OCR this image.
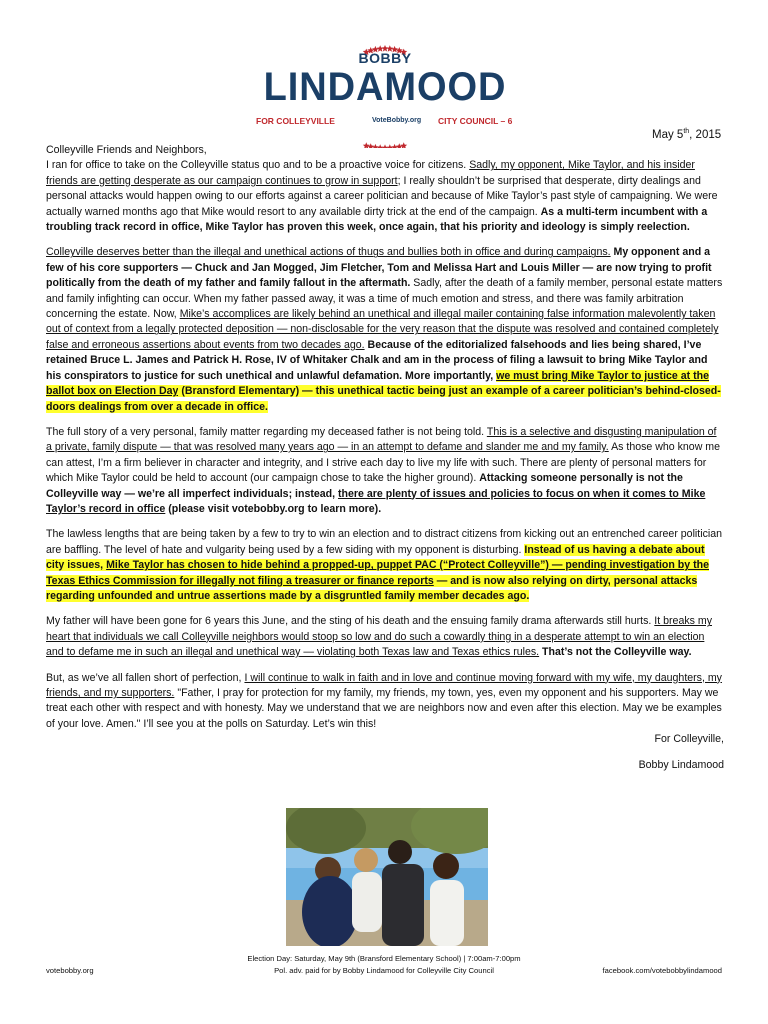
BOBBY
LINDAMOOD
FOR COLLEYVILLE	VoteBobby.org CITY COUNCIL – 6
May 5th, 2015

Colleyville Friends and Neighbors,

I ran for office to take on the Colleyville status quo and to be a proactive voice for citizens. Sadly, my opponent, Mike Taylor, and his insider friends are getting desperate as our campaign continues to grow in support; I really shouldn’t be surprised that desperate, dirty dealings and personal attacks would happen owing to our efforts against a career politician and because of Mike Taylor’s past style of campaigning. We were actually warned months ago that Mike would resort to any available dirty trick at the end of the campaign. As a multi-term incumbent with a troubling track record in office, Mike Taylor has proven this week, once again, that his priority and ideology is simply reelection.

Colleyville deserves better than the illegal and unethical actions of thugs and bullies both in office and during campaigns. My opponent and a few of his core supporters — Chuck and Jan Mogged, Jim Fletcher, Tom and Melissa Hart and Louis Miller — are now trying to profit politically from the death of my father and family fallout in the aftermath. Sadly, after the death of a family member, personal estate matters and family infighting can occur. When my father passed away, it was a time of much emotion and stress, and there was family arbitration concerning the estate. Now, Mike’s accomplices are likely behind an unethical and illegal mailer containing false information malevolently taken out of context from a legally protected deposition — non-disclosable for the very reason that the dispute was resolved and contained completely false and erroneous assertions about events from two decades ago. Because of the editorialized falsehoods and lies being shared, I’ve retained Bruce L. James and Patrick H. Rose, IV of Whitaker Chalk and am in the process of filing a lawsuit to bring Mike Taylor and his conspirators to justice for such unethical and unlawful defamation. More importantly, we must bring Mike Taylor to justice at the ballot box on Election Day (Bransford Elementary) — this unethical tactic being just an example of a career politician’s behind-closed-doors dealings from over a decade in office.

The full story of a very personal, family matter regarding my deceased father is not being told. This is a selective and disgusting manipulation of a private, family dispute — that was resolved many years ago — in an attempt to defame and slander me and my family. As those who know me can attest, I’m a firm believer in character and integrity, and I strive each day to live my life with such. There are plenty of personal matters for which Mike Taylor could be held to account (our campaign chose to take the higher ground). Attacking someone personally is not the Colleyville way — we’re all imperfect individuals; instead, there are plenty of issues and policies to focus on when it comes to Mike Taylor’s record in office (please visit votebobby.org to learn more).

The lawless lengths that are being taken by a few to try to win an election and to distract citizens from kicking out an entrenched career politician are baffling. The level of hate and vulgarity being used by a few siding with my opponent is disturbing. Instead of us having a debate about city issues, Mike Taylor has chosen to hide behind a propped-up, puppet PAC (“Protect Colleyville”) — pending investigation by the Texas Ethics Commission for illegally not filing a treasurer or finance reports — and is now also relying on dirty, personal attacks regarding unfounded and untrue assertions made by a disgruntled family member decades ago.

My father will have been gone for 6 years this June, and the sting of his death and the ensuing family drama afterwards still hurts. It breaks my heart that individuals we call Colleyville neighbors would stoop so low and do such a cowardly thing in a desperate attempt to win an election and to defame me in such an illegal and unethical way — violating both Texas law and Texas ethics rules. That’s not the Colleyville way.

But, as we’ve all fallen short of perfection, I will continue to walk in faith and in love and continue moving forward with my wife, my daughters, my friends, and my supporters. "Father, I pray for protection for my family, my friends, my town, yes, even my opponent and his supporters. May we treat each other with respect and with honesty. May we understand that we are neighbors now and even after this election. May we be examples of your love. Amen." I’ll see you at the polls on Saturday. Let’s win this!

For Colleyville,

Bobby Lindamood

Election Day: Saturday, May 9th (Bransford Elementary School) | 7:00am-7:00pm
Pol. adv. paid for by Bobby Lindamood for Colleyville City Council
votebobby.org	facebook.com/votebobbylindamood
